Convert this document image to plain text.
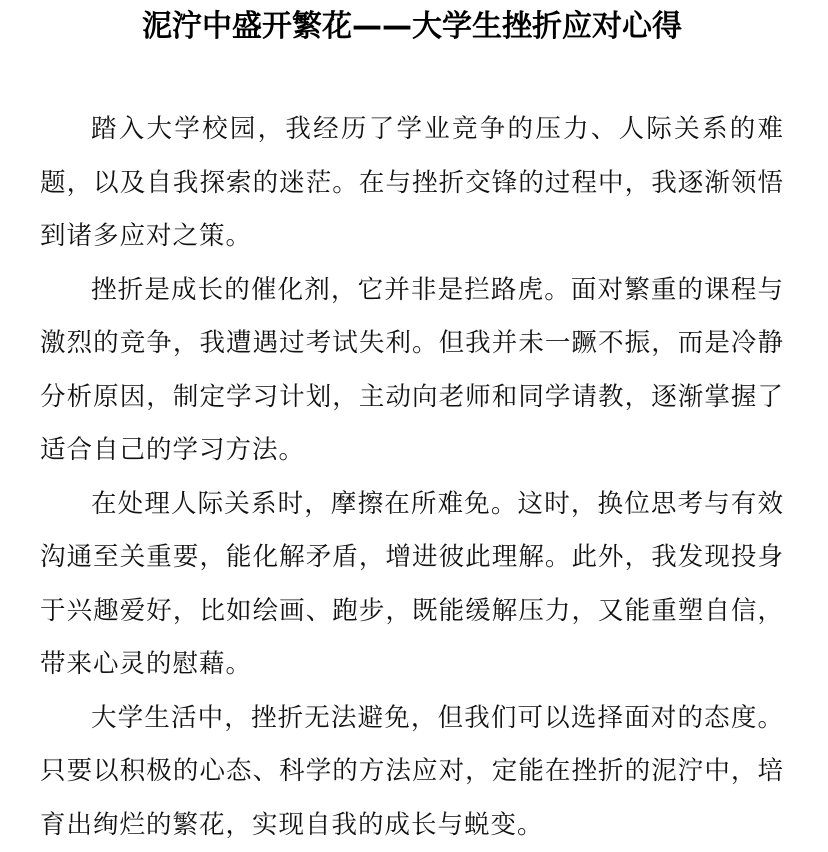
泥泞中盛开繁花——大学生挫折应对心得

踏入大学校园，我经历了学业竞争的压力、人际关系的难题，以及自我探索的迷茫。在与挫折交锋的过程中，我逐渐领悟到诸多应对之策。

挫折是成长的催化剂，它并非是拦路虎。面对繁重的课程与激烈的竞争，我遭遇过考试失利。但我并未一蹶不振，而是冷静分析原因，制定学习计划，主动向老师和同学请教，逐渐掌握了适合自己的学习方法。

在处理人际关系时，摩擦在所难免。这时，换位思考与有效沟通至关重要，能化解矛盾，增进彼此理解。此外，我发现投身于兴趣爱好，比如绘画、跑步，既能缓解压力，又能重塑自信，带来心灵的慰藉。

大学生活中，挫折无法避免，但我们可以选择面对的态度。只要以积极的心态、科学的方法应对，定能在挫折的泥泞中，培育出绚烂的繁花，实现自我的成长与蜕变。
